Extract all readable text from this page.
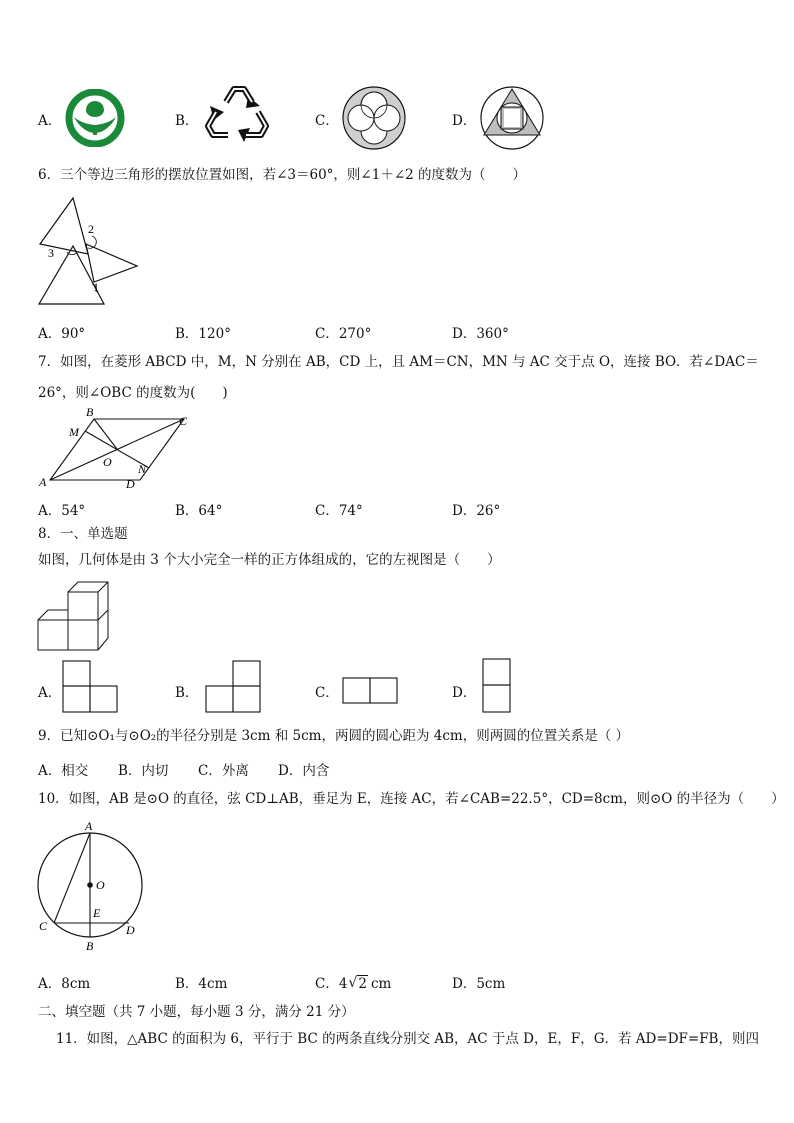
A．	B．	C．	D．
6．三个等边三角形的摆放位置如图，若∠3＝60°，则∠1＋∠2 的度数为（　　）
2
3
1
A．90°	B．120°	C．270°	D．360°
7．如图，在菱形 ABCD 中，M，N 分别在 AB，CD 上，且 AM＝CN，MN 与 AC 交于点 O，连接 BO．若∠DAC＝
26°，则∠OBC 的度数为(　　)
A
B
C
D
M
N
O
A．54°	B．64°	C．74°	D．26°
8．一、单选题
如图，几何体是由 3 个大小完全一样的正方体组成的，它的左视图是（　　）
A．	B．	C．	D．
9．已知⊙O₁与⊙O₂的半径分别是 3cm 和 5cm，两圆的圆心距为 4cm，则两圆的位置关系是（ ）
A．相交 B．内切 C．外离 D．内含
10．如图，AB 是⊙O 的直径，弦 CD⊥AB，垂足为 E，连接 AC，若∠CAB=22.5°，CD=8cm，则⊙O 的半径为（　　）
A
O
E
C	D
B
A．8cm	B．4cm	C．4√2 cm	D．5cm
二、填空题（共 7 小题，每小题 3 分，满分 21 分）
11．如图，△ABC 的面积为 6，平行于 BC 的两条直线分别交 AB，AC 于点 D，E，F，G．若 AD=DF=FB，则四
